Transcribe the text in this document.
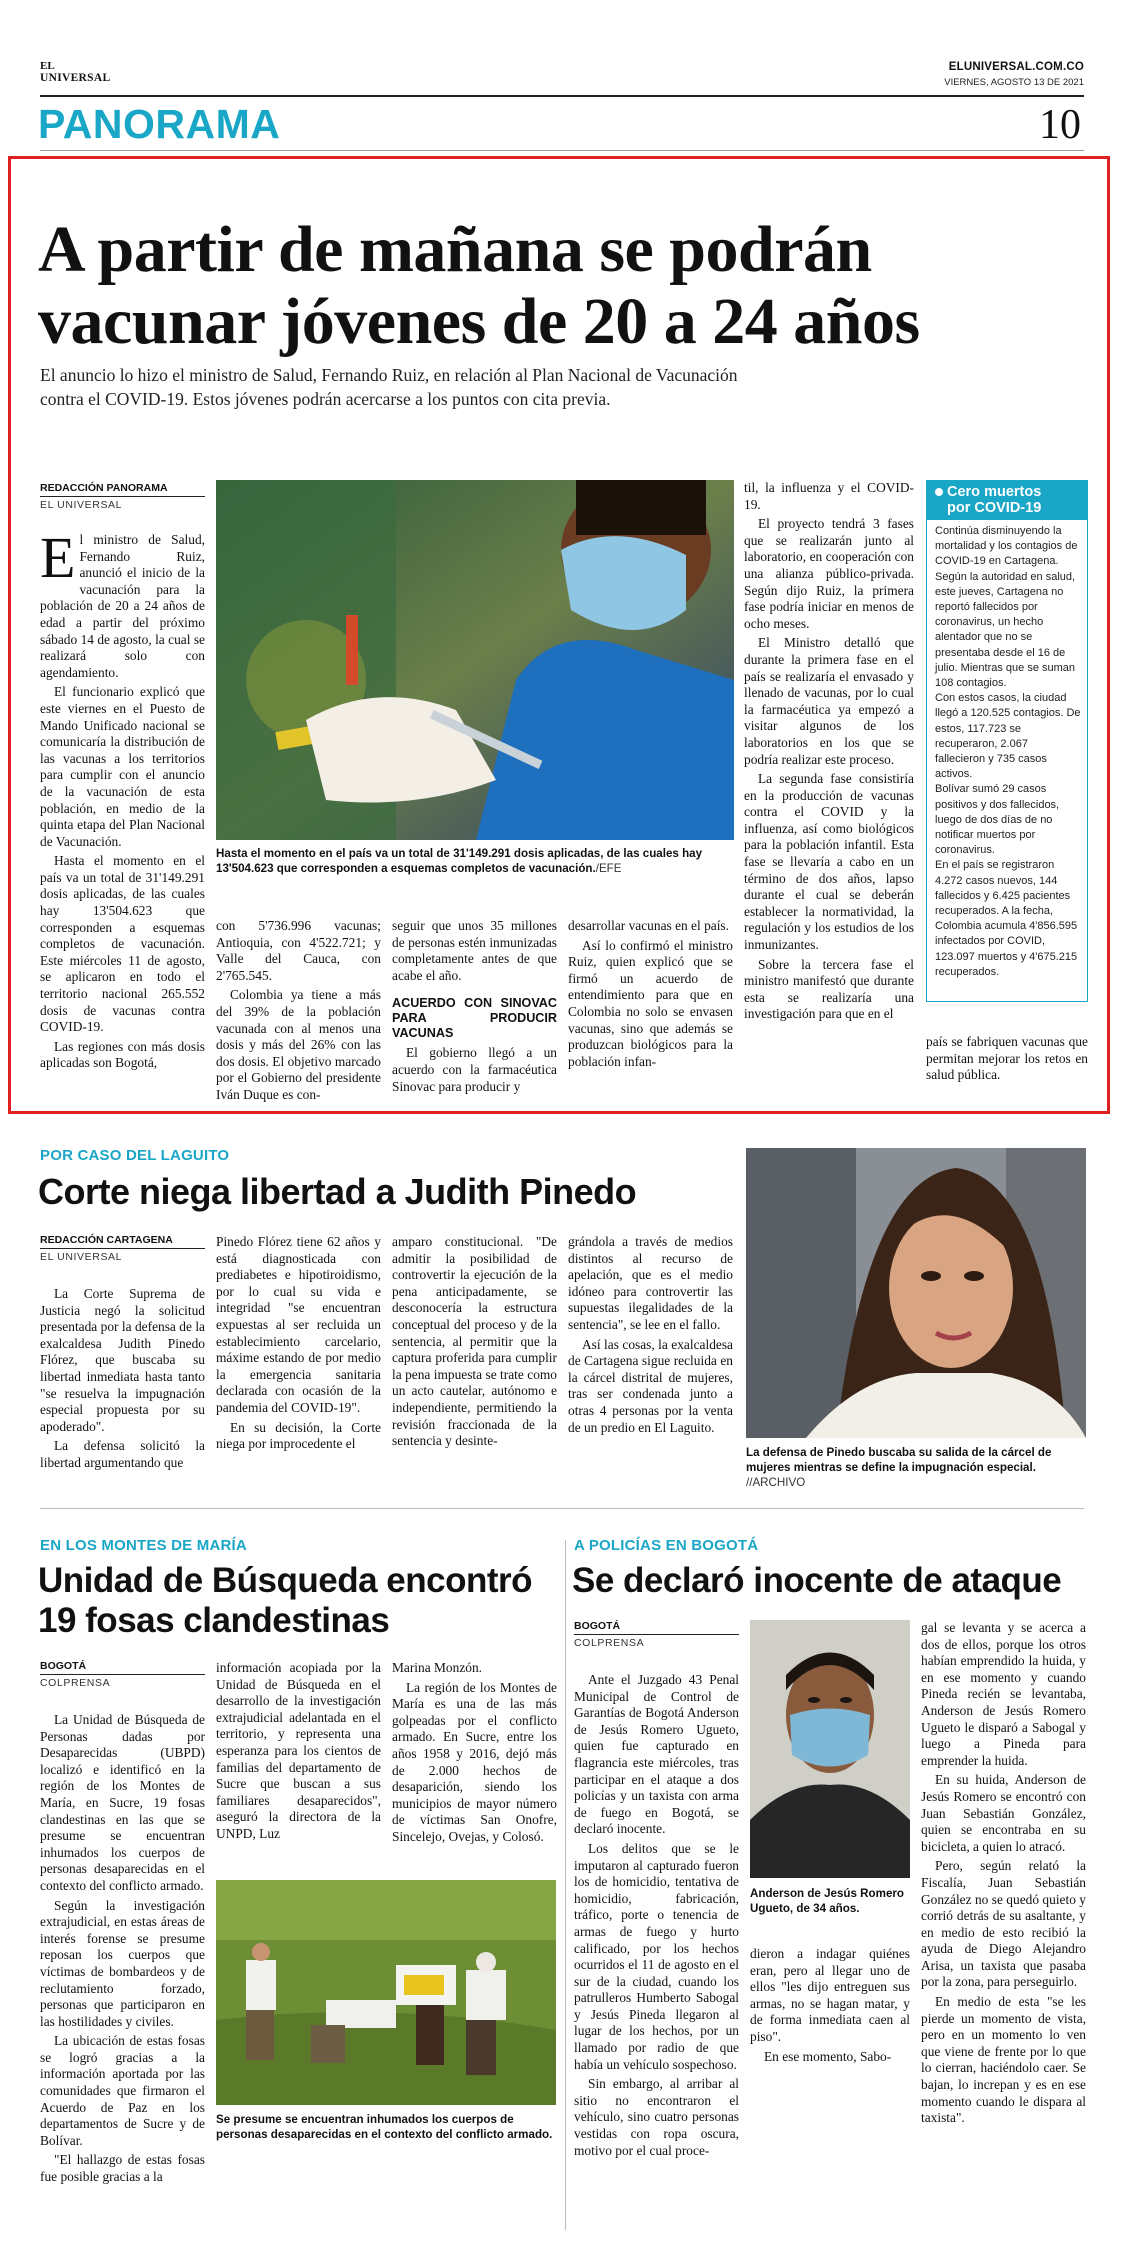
EL
UNIVERSAL
ELUNIVERSAL.COM.CO
VIERNES, AGOSTO 13 DE 2021
PANORAMA	10
A partir de mañana se podrán
vacunar jóvenes de 20 a 24 años
El anuncio lo hizo el ministro de Salud, Fernando Ruiz, en relación al Plan Nacional de Vacunación
contra el COVID-19. Estos jóvenes podrán acercarse a los puntos con cita previa.
REDACCIÓN PANORAMA
EL UNIVERSAL

El ministro de Salud, Fernando Ruiz, anunció el inicio de la vacunación para la población de 20 a 24 años de edad a partir del próximo sábado 14 de agosto, la cual se realizará solo con agendamiento.

El funcionario explicó que este viernes en el Puesto de Mando Unificado nacional se comunicaría la distribución de las vacunas a los territorios para cumplir con el anuncio de la vacunación de esta población, en medio de la quinta etapa del Plan Nacional de Vacunación.

Hasta el momento en el país va un total de 31'149.291 dosis aplicadas, de las cuales hay 13'504.623 que corresponden a esquemas completos de vacunación. Este miércoles 11 de agosto, se aplicaron en todo el territorio nacional 265.552 dosis de vacunas contra COVID-19.

Las regiones con más dosis aplicadas son Bogotá,

Hasta el momento en el país va un total de 31'149.291 dosis aplicadas, de las cuales hay 13'504.623 que corresponden a esquemas completos de vacunación./EFE

con 5'736.996 vacunas; Antioquia, con 4'522.721; y Valle del Cauca, con 2'765.545.

Colombia ya tiene a más del 39% de la población vacunada con al menos una dosis y más del 26% con las dos dosis. El objetivo marcado por el Gobierno del presidente Iván Duque es con-

seguir que unos 35 millones de personas estén inmunizadas completamente antes de que acabe el año.

ACUERDO CON SINOVAC PARA PRODUCIR VACUNAS

El gobierno llegó a un acuerdo con la farmacéutica Sinovac para producir y

desarrollar vacunas en el país.

Así lo confirmó el ministro Ruiz, quien explicó que se firmó un acuerdo de entendimiento para que en Colombia no solo se envasen vacunas, sino que además se produzcan biológicos para la población infan-

til, la influenza y el COVID-19.

El proyecto tendrá 3 fases que se realizarán junto al laboratorio, en cooperación con una alianza público-privada. Según dijo Ruiz, la primera fase podría iniciar en menos de ocho meses.

El Ministro detalló que durante la primera fase en el país se realizaría el envasado y llenado de vacunas, por lo cual la farmacéutica ya empezó a visitar algunos de los laboratorios en los que se podría realizar este proceso.

La segunda fase consistiría en la producción de vacunas contra el COVID y la influenza, así como biológicos para la población infantil. Esta fase se llevaría a cabo en un término de dos años, lapso durante el cual se deberán establecer la normatividad, la regulación y los estudios de los inmunizantes.

Sobre la tercera fase el ministro manifestó que durante esta se realizaría una investigación para que en el

Cero muertos
por COVID-19
Continúa disminuyendo la mortalidad y los contagios de COVID-19 en Cartagena.
Según la autoridad en salud, este jueves, Cartagena no reportó fallecidos por coronavirus, un hecho alentador que no se presentaba desde el 16 de julio. Mientras que se suman 108 contagios.
Con estos casos, la ciudad llegó a 120.525 contagios. De estos, 117.723 se recuperaron, 2.067 fallecieron y 735 casos activos.
Bolívar sumó 29 casos positivos y dos fallecidos, luego de dos días de no notificar muertos por coronavirus.
En el país se registraron 4.272 casos nuevos, 144 fallecidos y 6.425 pacientes recuperados. A la fecha, Colombia acumula 4'856.595 infectados por COVID, 123.097 muertos y 4'675.215 recuperados.

país se fabriquen vacunas que permitan mejorar los retos en salud pública.

POR CASO DEL LAGUITO
Corte niega libertad a Judith Pinedo
REDACCIÓN CARTAGENA
EL UNIVERSAL

La Corte Suprema de Justicia negó la solicitud presentada por la defensa de la exalcaldesa Judith Pinedo Flórez, que buscaba su libertad inmediata hasta tanto "se resuelva la impugnación especial propuesta por su apoderado".

La defensa solicitó la libertad argumentando que

Pinedo Flórez tiene 62 años y está diagnosticada con prediabetes e hipotiroidismo, por lo cual su vida e integridad "se encuentran expuestas al ser recluida un establecimiento carcelario, máxime estando de por medio la emergencia sanitaria declarada con ocasión de la pandemia del COVID-19".

En su decisión, la Corte niega por improcedente el

amparo constitucional. "De admitir la posibilidad de controvertir la ejecución de la pena anticipadamente, se desconocería la estructura conceptual del proceso y de la sentencia, al permitir que la captura proferida para cumplir la pena impuesta se trate como un acto cautelar, autónomo e independiente, permitiendo la revisión fraccionada de la sentencia y desinte-

grándola a través de medios distintos al recurso de apelación, que es el medio idóneo para controvertir las supuestas ilegalidades de la sentencia", se lee en el fallo.

Así las cosas, la exalcaldesa de Cartagena sigue recluida en la cárcel distrital de mujeres, tras ser condenada junto a otras 4 personas por la venta de un predio en El Laguito.

La defensa de Pinedo buscaba su salida de la cárcel de mujeres mientras se define la impugnación especial. //ARCHIVO
EN LOS MONTES DE MARÍA
Unidad de Búsqueda encontró
19 fosas clandestinas
BOGOTÁ
COLPRENSA

La Unidad de Búsqueda de Personas dadas por Desaparecidas (UBPD) localizó e identificó en la región de los Montes de María, en Sucre, 19 fosas clandestinas en las que se presume se encuentran inhumados los cuerpos de personas desaparecidas en el contexto del conflicto armado.

Según la investigación extrajudicial, en estas áreas de interés forense se presume reposan los cuerpos que víctimas de bombardeos y de reclutamiento forzado, personas que participaron en las hostilidades y civiles.

La ubicación de estas fosas se logró gracias a la información aportada por las comunidades que firmaron el Acuerdo de Paz en los departamentos de Sucre y de Bolívar.

"El hallazgo de estas fosas fue posible gracias a la

información acopiada por la Unidad de Búsqueda en el desarrollo de la investigación extrajudicial adelantada en el territorio, y representa una esperanza para los cientos de familias del departamento de Sucre que buscan a sus familiares desaparecidos", aseguró la directora de la UNPD, Luz

Marina Monzón.

La región de los Montes de María es una de las más golpeadas por el conflicto armado. En Sucre, entre los años 1958 y 2016, dejó más de 2.000 hechos de desaparición, siendo los municipios de mayor número de víctimas San Onofre, Sincelejo, Ovejas, y Colosó.

Se presume se encuentran inhumados los cuerpos de personas desaparecidas en el contexto del conflicto armado.
A POLICÍAS EN BOGOTÁ
Se declaró inocente de ataque
BOGOTÁ
COLPRENSA

Ante el Juzgado 43 Penal Municipal de Control de Garantías de Bogotá Anderson de Jesús Romero Ugueto, quien fue capturado en flagrancia este miércoles, tras participar en el ataque a dos policías y un taxista con arma de fuego en Bogotá, se declaró inocente.

Los delitos que se le imputaron al capturado fueron los de homicidio, tentativa de homicidio, fabricación, tráfico, porte o tenencia de armas de fuego y hurto calificado, por los hechos ocurridos el 11 de agosto en el sur de la ciudad, cuando los patrulleros Humberto Sabogal y Jesús Pineda llegaron al lugar de los hechos, por un llamado por radio de que había un vehículo sospechoso.

Sin embargo, al arribar al sitio no encontraron el vehículo, sino cuatro personas vestidas con ropa oscura, motivo por el cual proce-

Anderson de Jesús Romero Ugueto, de 34 años.

dieron a indagar quiénes eran, pero al llegar uno de ellos "les dijo entreguen sus armas, no se hagan matar, y de forma inmediata caen al piso".

En ese momento, Sabo-

gal se levanta y se acerca a dos de ellos, porque los otros habían emprendido la huida, y en ese momento y cuando Pineda recién se levantaba, Anderson de Jesús Romero Ugueto le disparó a Sabogal y luego a Pineda para emprender la huida.

En su huida, Anderson de Jesús Romero se encontró con Juan Sebastián González, quien se encontraba en su bicicleta, a quien lo atracó.

Pero, según relató la Fiscalía, Juan Sebastián González no se quedó quieto y corrió detrás de su asaltante, y en medio de esto recibió la ayuda de Diego Alejandro Arisa, un taxista que pasaba por la zona, para perseguirlo.

En medio de esta "se les pierde un momento de vista, pero en un momento lo ven que viene de frente por lo que lo cierran, haciéndolo caer. Se bajan, lo increpan y es en ese momento cuando le dispara al taxista".
